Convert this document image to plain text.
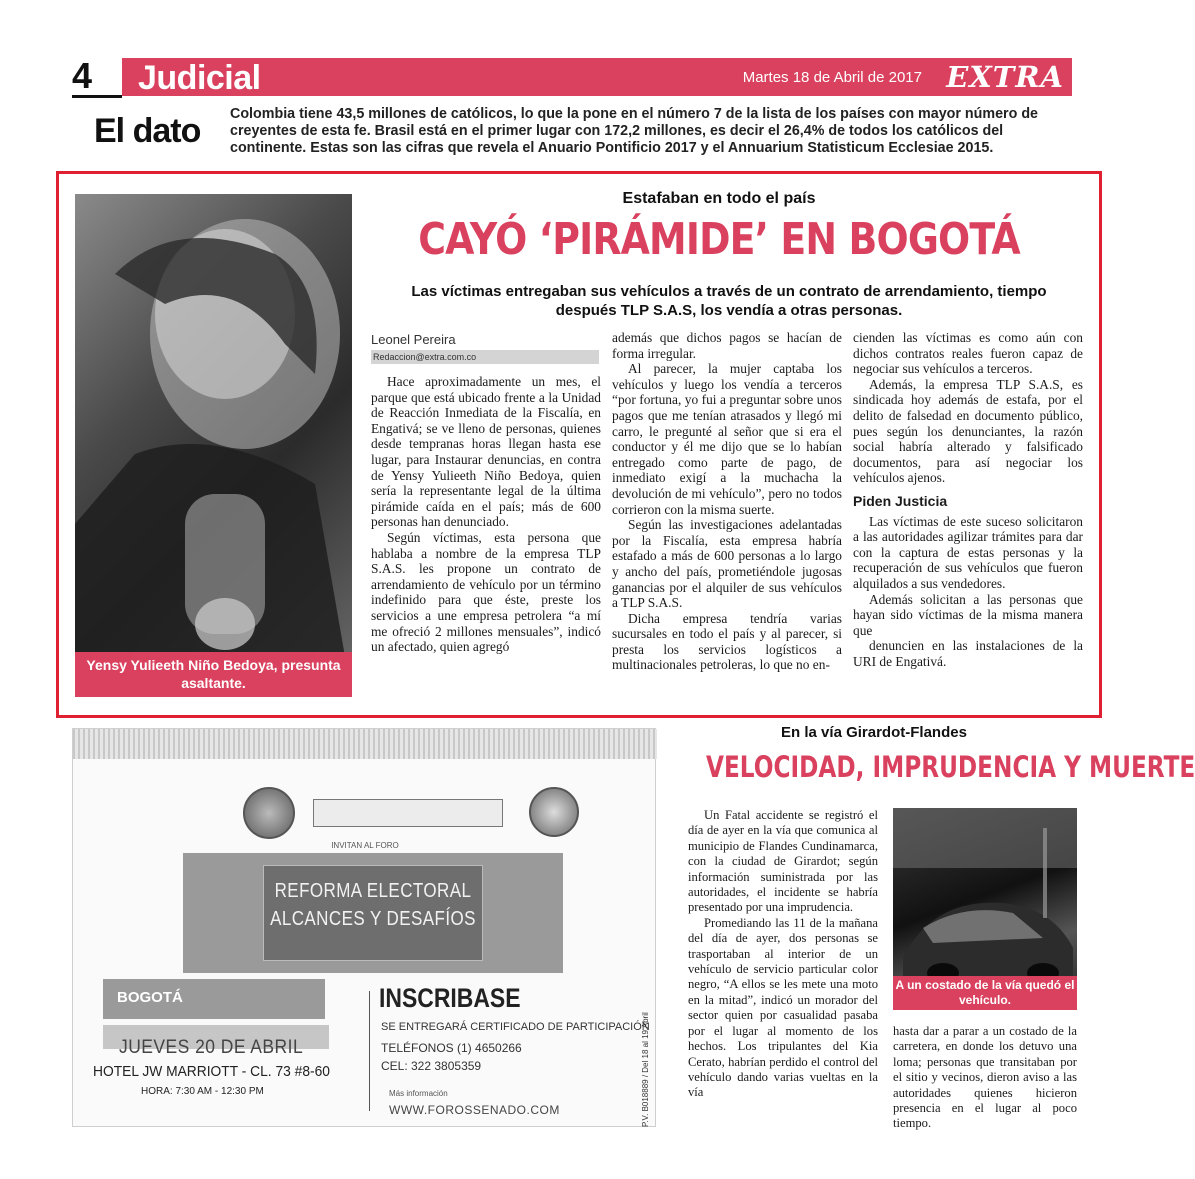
4	Judicial	Martes 18 de Abril de 2017 EXTRA
El dato Colombia tiene 43,5 millones de católicos, lo que la pone en el número 7 de la lista de los países con mayor número de creyentes de esta fe. Brasil está en el primer lugar con 172,2 millones, es decir el 26,4% de todos los católicos del continente. Estas son las cifras que revela el Anuario Pontificio 2017 y el Annuarium Statisticum Ecclesiae 2015.
Yensy Yulieeth Niño Bedoya, presunta asaltante.
Estafaban en todo el país
CAYÓ ‘PIRÁMIDE’ EN BOGOTÁ
Las víctimas entregaban sus vehículos a través de un contrato de arrendamiento, tiempo después TLP S.A.S, los vendía a otras personas.
Leonel Pereira
Redaccion@extra.com.co

Hace aproximadamente un mes, el parque que está ubicado frente a la Unidad de Reacción Inmediata de la Fiscalía, en Engativá; se ve lleno de personas, quienes desde tempranas horas llegan hasta ese lugar, para Instaurar denuncias, en contra de Yensy Yulieeth Niño Bedoya, quien sería la representante legal de la última pirámide caída en el país; más de 600 personas han denunciado.

Según víctimas, esta persona que hablaba a nombre de la empresa TLP S.A.S. les propone un contrato de arrendamiento de vehículo por un término indefinido para que éste, preste los servicios a une empresa petrolera “a mí me ofreció 2 millones mensuales”, indicó un afectado, quien agregó

además que dichos pagos se hacían de forma irregular.

Al parecer, la mujer captaba los vehículos y luego los vendía a terceros “por fortuna, yo fui a preguntar sobre unos pagos que me tenían atrasados y llegó mi carro, le pregunté al señor que si era el conductor y él me dijo que se lo habían entregado como parte de pago, de inmediato exigí a la muchacha la devolución de mi vehículo”, pero no todos corrieron con la misma suerte.

Según las investigaciones adelantadas por la Fiscalía, esta empresa habría estafado a más de 600 personas a lo largo y ancho del país, prometiéndole jugosas ganancias por el alquiler de sus vehículos a TLP S.A.S.

Dicha empresa tendría varias sucursales en todo el país y al parecer, si presta los servicios logísticos a multinacionales petroleras, lo que no en-

cienden las víctimas es como aún con dichos contratos reales fueron capaz de negociar sus vehículos a terceros.

Además, la empresa TLP S.A.S, es sindicada hoy además de estafa, por el delito de falsedad en documento público, pues según los denunciantes, la razón social habría alterado y falsificado documentos, para así negociar los vehículos ajenos.

Piden Justicia

Las víctimas de este suceso solicitaron a las autoridades agilizar trámites para dar con la captura de estas personas y la recuperación de sus vehículos que fueron alquilados a sus vendedores.

Además solicitan a las personas que hayan sido víctimas de la misma manera que

denuncien en las instalaciones de la URI de Engativá.

INVITAN AL FORO
REFORMA ELECTORAL
ALCANCES Y DESAFÍOS
BOGOTÁ
JUEVES 20 DE ABRIL
HOTEL JW MARRIOTT - CL. 73 #8-60
HORA: 7:30 AM - 12:30 PM
INSCRIBASE
SE ENTREGARÁ CERTIFICADO DE PARTICIPACIÓN
TELÉFONOS (1) 4650266
CEL: 322 3805359
Más información
WWW.FOROSSENADO.COM	P.V. B018889 / Del 18 al 19 Abril
En la vía Girardot-Flandes
VELOCIDAD, IMPRUDENCIA Y MUERTE

Un Fatal accidente se registró el día de ayer en la vía que comunica al municipio de Flandes Cundinamarca, con la ciudad de Girardot; según información suministrada por las autoridades, el incidente se habría presentado por una imprudencia.

Promediando las 11 de la mañana del día de ayer, dos personas se trasportaban al interior de un vehículo de servicio particular color negro, “A ellos se les mete una moto en la mitad”, indicó un morador del sector quien por casualidad pasaba por el lugar al momento de los hechos. Los tripulantes del Kia Cerato, habrían perdido el control del vehículo dando varias vueltas en la vía

A un costado de la vía quedó el vehículo.

hasta dar a parar a un costado de la carretera, en donde los detuvo una loma; personas que transitaban por el sitio y vecinos, dieron aviso a las autoridades quienes hicieron presencia en el lugar al poco tiempo.
